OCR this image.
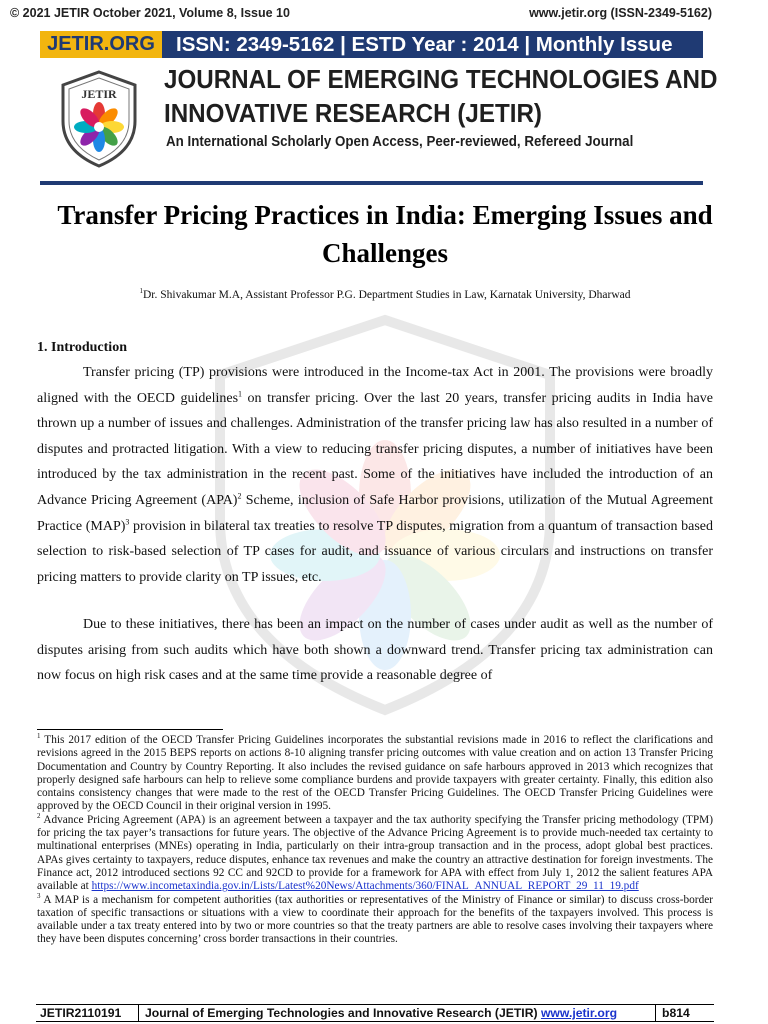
© 2021 JETIR October 2021, Volume 8, Issue 10	www.jetir.org (ISSN-2349-5162)
JETIR.ORG	ISSN: 2349-5162 | ESTD Year : 2014 | Monthly Issue
JETIR JOURNAL OF EMERGING TECHNOLOGIES AND
INNOVATIVE RESEARCH (JETIR)
An International Scholarly Open Access, Peer-reviewed, Refereed Journal
Transfer Pricing Practices in India: Emerging Issues and Challenges
$^1$Dr. Shivakumar M.A, Assistant Professor P.G. Department Studies in Law, Karnatak University, Dharwad
1. Introduction

Transfer pricing (TP) provisions were introduced in the Income-tax Act in 2001. The provisions were broadly aligned with the OECD guidelines$^1$ on transfer pricing. Over the last 20 years, transfer pricing audits in India have thrown up a number of issues and challenges. Administration of the transfer pricing law has also resulted in a number of disputes and protracted litigation. With a view to reducing transfer pricing disputes, a number of initiatives have been introduced by the tax administration in the recent past. Some of the initiatives have included the introduction of an Advance Pricing Agreement (APA)$^2$ Scheme, inclusion of Safe Harbor provisions, utilization of the Mutual Agreement Practice (MAP)$^3$ provision in bilateral tax treaties to resolve TP disputes, migration from a quantum of transaction based selection to risk-based selection of TP cases for audit, and issuance of various circulars and instructions on transfer pricing matters to provide clarity on TP issues, etc.

Due to these initiatives, there has been an impact on the number of cases under audit as well as the number of disputes arising from such audits which have both shown a downward trend. Transfer pricing tax administration can now focus on high risk cases and at the same time provide a reasonable degree of

$^1$ This 2017 edition of the OECD Transfer Pricing Guidelines incorporates the substantial revisions made in 2016 to reflect the clarifications and revisions agreed in the 2015 BEPS reports on actions 8-10 aligning transfer pricing outcomes with value creation and on action 13 Transfer Pricing Documentation and Country by Country Reporting. It also includes the revised guidance on safe harbours approved in 2013 which recognizes that properly designed safe harbours can help to relieve some compliance burdens and provide taxpayers with greater certainty. Finally, this edition also contains consistency changes that were made to the rest of the OECD Transfer Pricing Guidelines. The OECD Transfer Pricing Guidelines were approved by the OECD Council in their original version in 1995.

$^2$ Advance Pricing Agreement (APA) is an agreement between a taxpayer and the tax authority specifying the Transfer pricing methodology (TPM) for pricing the tax payer’s transactions for future years. The objective of the Advance Pricing Agreement is to provide much-needed tax certainty to multinational enterprises (MNEs) operating in India, particularly on their intra-group transaction and in the process, adopt global best practices. APAs gives certainty to taxpayers, reduce disputes, enhance tax revenues and make the country an attractive destination for foreign investments. The Finance act, 2012 introduced sections 92 CC and 92CD to provide for a framework for APA with effect from July 1, 2012 the salient features APA available at https://www.incometaxindia.gov.in/Lists/Latest%20News/Attachments/360/FINAL_ANNUAL_REPORT_29_11_19.pdf

$^3$ A MAP is a mechanism for competent authorities (tax authorities or representatives of the Ministry of Finance or similar) to discuss cross-border taxation of specific transactions or situations with a view to coordinate their approach for the benefits of the taxpayers involved. This process is available under a tax treaty entered into by two or more countries so that the treaty partners are able to resolve cases involving their taxpayers where they have been disputes concerning’ cross border transactions in their countries.

JETIR2110191	Journal of Emerging Technologies and Innovative Research (JETIR) www.jetir.org	b814
